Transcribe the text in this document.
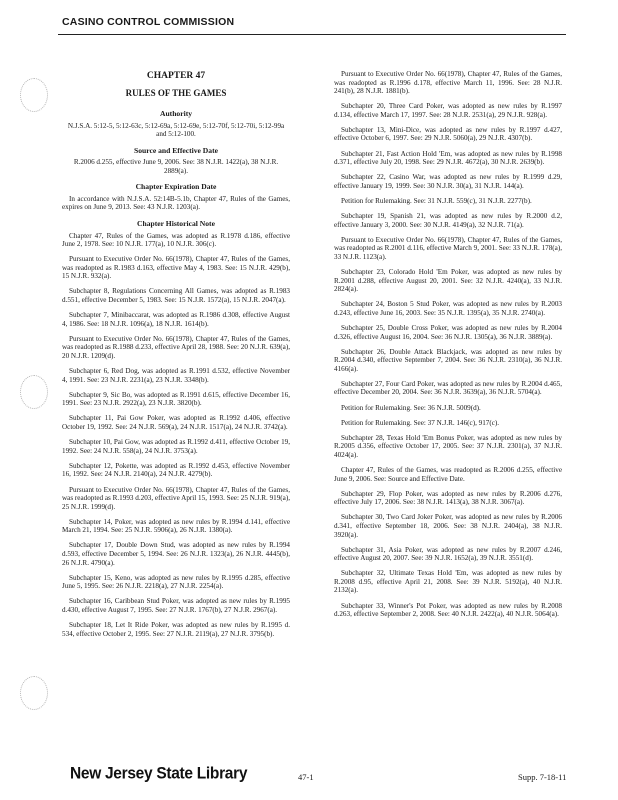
CASINO CONTROL COMMISSION
CHAPTER 47
RULES OF THE GAMES
Authority
N.J.S.A. 5:12-5, 5:12-63c, 5:12-69a, 5:12-69e, 5:12-70f, 5:12-70i, 5:12-99a and 5:12-100.
Source and Effective Date
R.2006 d.255, effective June 9, 2006. See: 38 N.J.R. 1422(a), 38 N.J.R. 2889(a).
Chapter Expiration Date

In accordance with N.J.S.A. 52:14B-5.1b, Chapter 47, Rules of the Games, expires on June 9, 2013. See: 43 N.J.R. 1203(a).

Chapter Historical Note

Chapter 47, Rules of the Games, was adopted as R.1978 d.186, effective June 2, 1978. See: 10 N.J.R. 177(a), 10 N.J.R. 306(c).

Pursuant to Executive Order No. 66(1978), Chapter 47, Rules of the Games, was readopted as R.1983 d.163, effective May 4, 1983. See: 15 N.J.R. 429(b), 15 N.J.R. 932(a).

Subchapter 8, Regulations Concerning All Games, was adopted as R.1983 d.551, effective December 5, 1983. See: 15 N.J.R. 1572(a), 15 N.J.R. 2047(a).

Subchapter 7, Minibaccarat, was adopted as R.1986 d.308, effective August 4, 1986. See: 18 N.J.R. 1096(a), 18 N.J.R. 1614(b).

Pursuant to Executive Order No. 66(1978), Chapter 47, Rules of the Games, was readopted as R.1988 d.233, effective April 28, 1988. See: 20 N.J.R. 639(a), 20 N.J.R. 1209(d).

Subchapter 6, Red Dog, was adopted as R.1991 d.532, effective November 4, 1991. See: 23 N.J.R. 2231(a), 23 N.J.R. 3348(b).

Subchapter 9, Sic Bo, was adopted as R.1991 d.615, effective December 16, 1991. See: 23 N.J.R. 2922(a), 23 N.J.R. 3820(b).

Subchapter 11, Pai Gow Poker, was adopted as R.1992 d.406, effective October 19, 1992. See: 24 N.J.R. 569(a), 24 N.J.R. 1517(a), 24 N.J.R. 3742(a).

Subchapter 10, Pai Gow, was adopted as R.1992 d.411, effective October 19, 1992. See: 24 N.J.R. 558(a), 24 N.J.R. 3753(a).

Subchapter 12, Pokette, was adopted as R.1992 d.453, effective November 16, 1992. See: 24 N.J.R. 2140(a), 24 N.J.R. 4279(b).

Pursuant to Executive Order No. 66(1978), Chapter 47, Rules of the Games, was readopted as R.1993 d.203, effective April 15, 1993. See: 25 N.J.R. 919(a), 25 N.J.R. 1999(d).

Subchapter 14, Poker, was adopted as new rules by R.1994 d.141, effective March 21, 1994. See: 25 N.J.R. 5906(a), 26 N.J.R. 1380(a).

Subchapter 17, Double Down Stud, was adopted as new rules by R.1994 d.593, effective December 5, 1994. See: 26 N.J.R. 1323(a), 26 N.J.R. 4445(b), 26 N.J.R. 4790(a).

Subchapter 15, Keno, was adopted as new rules by R.1995 d.285, effective June 5, 1995. See: 26 N.J.R. 2218(a), 27 N.J.R. 2254(a).

Subchapter 16, Caribbean Stud Poker, was adopted as new rules by R.1995 d.430, effective August 7, 1995. See: 27 N.J.R. 1767(b), 27 N.J.R. 2967(a).

Subchapter 18, Let It Ride Poker, was adopted as new rules by R.1995 d. 534, effective October 2, 1995. See: 27 N.J.R. 2119(a), 27 N.J.R. 3795(b).

Pursuant to Executive Order No. 66(1978), Chapter 47, Rules of the Games, was readopted as R.1996 d.178, effective March 11, 1996. See: 28 N.J.R. 241(b), 28 N.J.R. 1881(b).

Subchapter 20, Three Card Poker, was adopted as new rules by R.1997 d.134, effective March 17, 1997. See: 28 N.J.R. 2531(a), 29 N.J.R. 928(a).

Subchapter 13, Mini-Dice, was adopted as new rules by R.1997 d.427, effective October 6, 1997. See: 29 N.J.R. 5060(a), 29 N.J.R. 4307(b).

Subchapter 21, Fast Action Hold 'Em, was adopted as new rules by R.1998 d.371, effective July 20, 1998. See: 29 N.J.R. 4672(a), 30 N.J.R. 2639(b).

Subchapter 22, Casino War, was adopted as new rules by R.1999 d.29, effective January 19, 1999. See: 30 N.J.R. 30(a), 31 N.J.R. 144(a).

Petition for Rulemaking. See: 31 N.J.R. 559(c), 31 N.J.R. 2277(b).

Subchapter 19, Spanish 21, was adopted as new rules by R.2000 d.2, effective January 3, 2000. See: 30 N.J.R. 4149(a), 32 N.J.R. 71(a).

Pursuant to Executive Order No. 66(1978), Chapter 47, Rules of the Games, was readopted as R.2001 d.116, effective March 9, 2001. See: 33 N.J.R. 178(a), 33 N.J.R. 1123(a).

Subchapter 23, Colorado Hold 'Em Poker, was adopted as new rules by R.2001 d.288, effective August 20, 2001. See: 32 N.J.R. 4240(a), 33 N.J.R. 2824(a).

Subchapter 24, Boston 5 Stud Poker, was adopted as new rules by R.2003 d.243, effective June 16, 2003. See: 35 N.J.R. 1395(a), 35 N.J.R. 2740(a).

Subchapter 25, Double Cross Poker, was adopted as new rules by R.2004 d.326, effective August 16, 2004. See: 36 N.J.R. 1305(a), 36 N.J.R. 3889(a).

Subchapter 26, Double Attack Blackjack, was adopted as new rules by R.2004 d.340, effective September 7, 2004. See: 36 N.J.R. 2310(a), 36 N.J.R. 4166(a).

Subchapter 27, Four Card Poker, was adopted as new rules by R.2004 d.465, effective December 20, 2004. See: 36 N.J.R. 3639(a), 36 N.J.R. 5704(a).

Petition for Rulemaking. See: 36 N.J.R. 5009(d).

Petition for Rulemaking. See: 37 N.J.R. 146(c), 917(c).

Subchapter 28, Texas Hold 'Em Bonus Poker, was adopted as new rules by R.2005 d.356, effective October 17, 2005. See: 37 N.J.R. 2301(a), 37 N.J.R. 4024(a).

Chapter 47, Rules of the Games, was readopted as R.2006 d.255, effective June 9, 2006. See: Source and Effective Date.

Subchapter 29, Flop Poker, was adopted as new rules by R.2006 d.276, effective July 17, 2006. See: 38 N.J.R. 1413(a), 38 N.J.R. 3067(a).

Subchapter 30, Two Card Joker Poker, was adopted as new rules by R.2006 d.341, effective September 18, 2006. See: 38 N.J.R. 2404(a), 38 N.J.R. 3920(a).

Subchapter 31, Asia Poker, was adopted as new rules by R.2007 d.246, effective August 20, 2007. See: 39 N.J.R. 1652(a), 39 N.J.R. 3551(d).

Subchapter 32, Ultimate Texas Hold 'Em, was adopted as new rules by R.2008 d.95, effective April 21, 2008. See: 39 N.J.R. 5192(a), 40 N.J.R. 2132(a).

Subchapter 33, Winner's Pot Poker, was adopted as new rules by R.2008 d.263, effective September 2, 2008. See: 40 N.J.R. 2422(a), 40 N.J.R. 5064(a).

New Jersey State Library	47-1	Supp. 7-18-11
